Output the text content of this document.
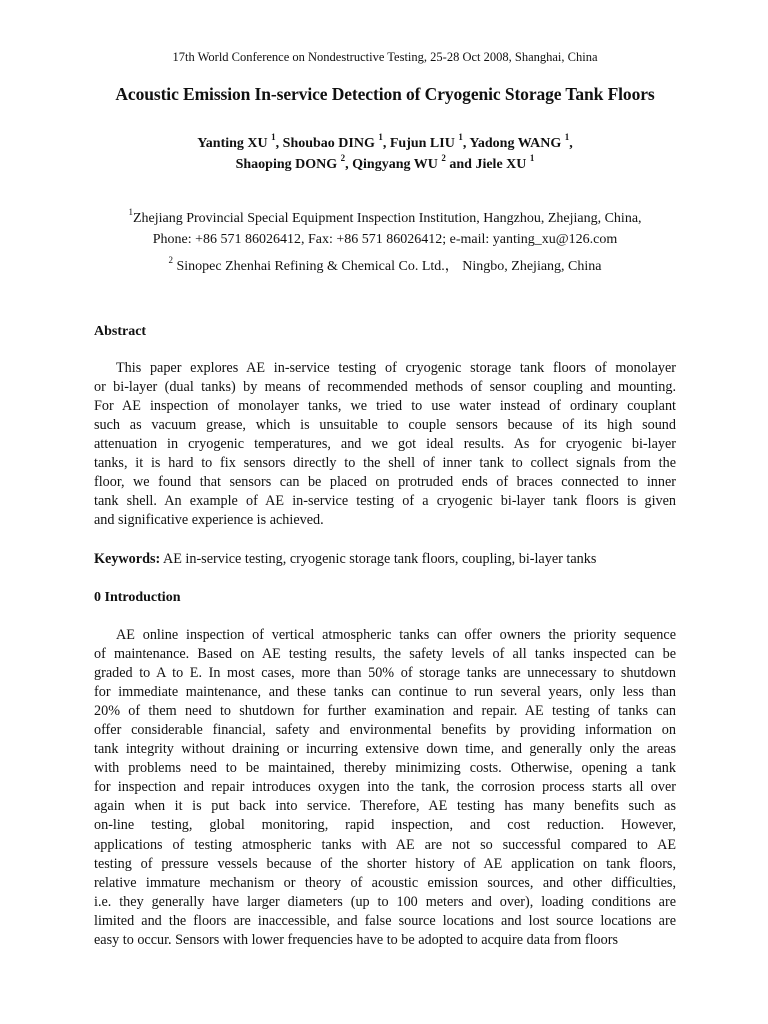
17th World Conference on Nondestructive Testing, 25-28 Oct 2008, Shanghai, China
Acoustic Emission In-service Detection of Cryogenic Storage Tank Floors
Yanting XU $^1$, Shoubao DING $^1$, Fujun LIU $^1$, Yadong WANG $^1$,
Shaoping DONG $^2$, Qingyang WU $^2$ and Jiele XU $^1$
$^1$Zhejiang Provincial Special Equipment Inspection Institution, Hangzhou, Zhejiang, China,
Phone: +86 571 86026412, Fax: +86 571 86026412; e-mail: yanting_xu@126.com
$^2$ Sinopec Zhenhai Refining & Chemical Co. Ltd.， Ningbo, Zhejiang, China
Abstract
This paper explores AE in-service testing of cryogenic storage tank floors of monolayer
or bi-layer (dual tanks) by means of recommended methods of sensor coupling and mounting.
For AE inspection of monolayer tanks, we tried to use water instead of ordinary couplant
such as vacuum grease, which is unsuitable to couple sensors because of its high sound
attenuation in cryogenic temperatures, and we got ideal results. As for cryogenic bi-layer
tanks, it is hard to fix sensors directly to the shell of inner tank to collect signals from the
floor, we found that sensors can be placed on protruded ends of braces connected to inner
tank shell. An example of AE in-service testing of a cryogenic bi-layer tank floors is given
and significative experience is achieved.
Keywords: AE in-service testing, cryogenic storage tank floors, coupling, bi-layer tanks
0 Introduction
AE online inspection of vertical atmospheric tanks can offer owners the priority sequence
of maintenance. Based on AE testing results, the safety levels of all tanks inspected can be
graded to A to E. In most cases, more than 50% of storage tanks are unnecessary to shutdown
for immediate maintenance, and these tanks can continue to run several years, only less than
20% of them need to shutdown for further examination and repair. AE testing of tanks can
offer considerable financial, safety and environmental benefits by providing information on
tank integrity without draining or incurring extensive down time, and generally only the areas
with problems need to be maintained, thereby minimizing costs. Otherwise, opening a tank
for inspection and repair introduces oxygen into the tank, the corrosion process starts all over
again when it is put back into service. Therefore, AE testing has many benefits such as
on-line testing, global monitoring, rapid inspection, and cost reduction. However,
applications of testing atmospheric tanks with AE are not so successful compared to AE
testing of pressure vessels because of the shorter history of AE application on tank floors,
relative immature mechanism or theory of acoustic emission sources, and other difficulties,
i.e. they generally have larger diameters (up to 100 meters and over), loading conditions are
limited and the floors are inaccessible, and false source locations and lost source locations are
easy to occur. Sensors with lower frequencies have to be adopted to acquire data from floors
